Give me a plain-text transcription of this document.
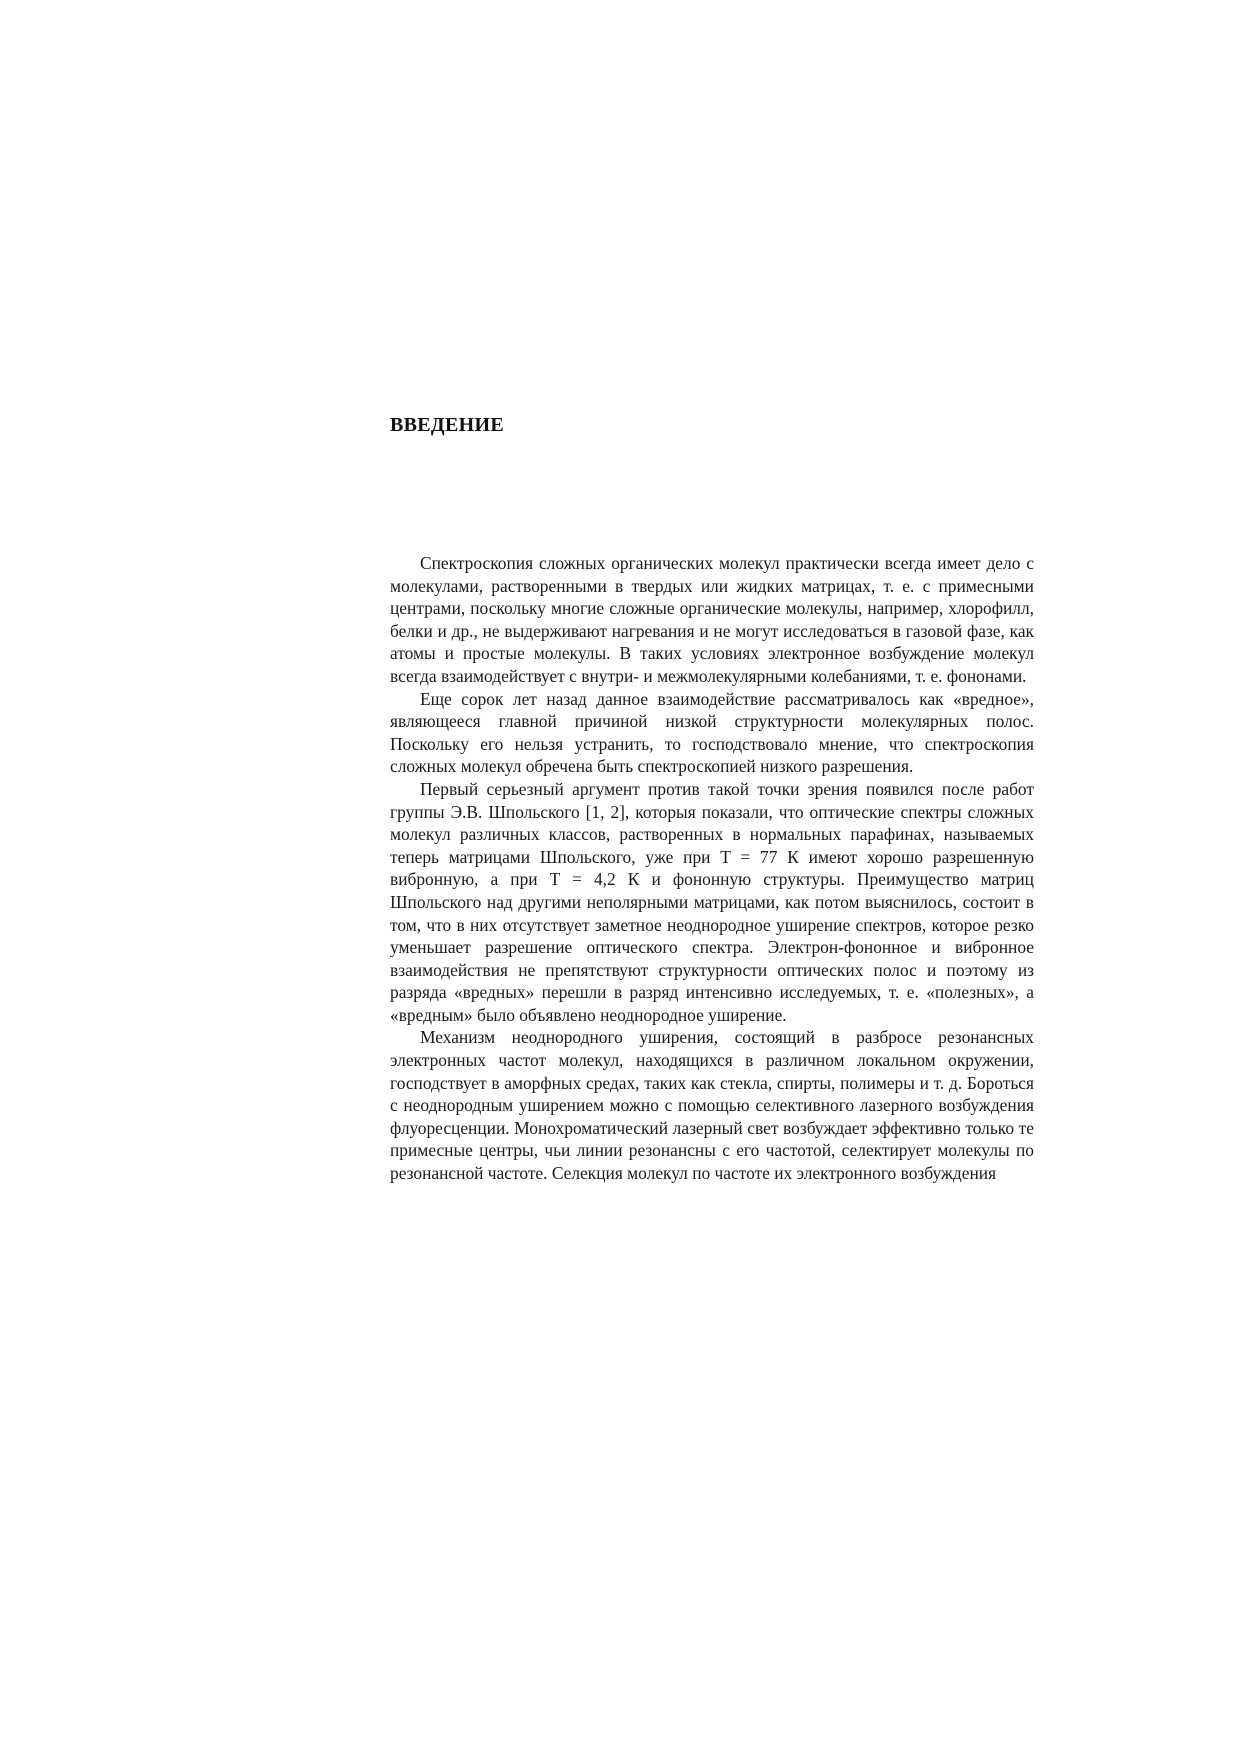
ВВЕДЕНИЕ

Спектроскопия сложных органических молекул практически всегда имеет дело с молекулами, растворенными в твердых или жидких матрицах, т. е. с примесными центрами, поскольку многие сложные органические молекулы, например, хлорофилл, белки и др., не выдерживают нагревания и не могут исследоваться в газовой фазе, как атомы и простые молекулы. В таких условиях электронное возбуждение молекул всегда взаимодействует с внутри- и межмолекулярными колебаниями, т. е. фононами.

Еще сорок лет назад данное взаимодействие рассматривалось как «вредное», являющееся главной причиной низкой структурности молекулярных полос. Поскольку его нельзя устранить, то господствовало мнение, что спектроскопия сложных молекул обречена быть спектроскопией низкого разрешения.

Первый серьезный аргумент против такой точки зрения появился после работ группы Э.В. Шпольского [1, 2], которыя показали, что оптические спектры сложных молекул различных классов, растворенных в нормальных парафинах, называемых теперь матрицами Шпольского, уже при T = 77 К имеют хорошо разрешенную вибронную, а при T = 4,2 К и фононную структуры. Преимущество матриц Шпольского над другими неполярными матрицами, как потом выяснилось, состоит в том, что в них отсутствует заметное неоднородное уширение спектров, которое резко уменьшает разрешение оптического спектра. Электрон-фононное и вибронное взаимодействия не препятствуют структурности оптических полос и поэтому из разряда «вредных» перешли в разряд интенсивно исследуемых, т. е. «полезных», а «вредным» было объявлено неоднородное уширение.

Механизм неоднородного уширения, состоящий в разбросе резонансных электронных частот молекул, находящихся в различном локальном окружении, господствует в аморфных средах, таких как стекла, спирты, полимеры и т. д. Бороться с неоднородным уширением можно с помощью селективного лазерного возбуждения флуоресценции. Монохроматический лазерный свет возбуждает эффективно только те примесные центры, чьи линии резонансны с его частотой, селектирует молекулы по резонансной частоте. Селекция молекул по частоте их электронного возбуждения
